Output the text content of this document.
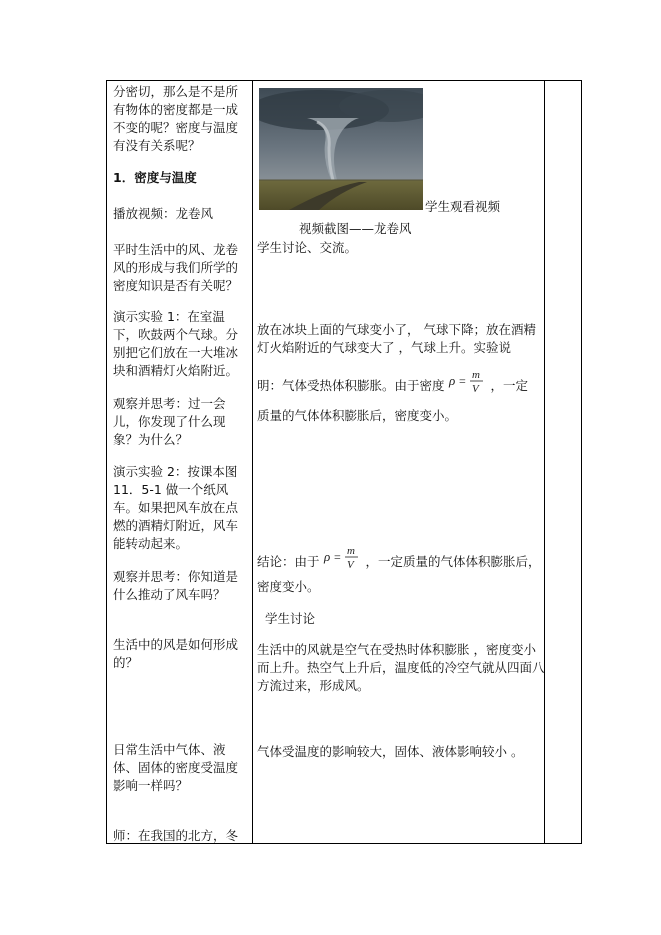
分密切，那么是不是所有物体的密度都是一成不变的呢？密度与温度有没有关系呢？

1．密度与温度

播放视频：龙卷风

平时生活中的风、龙卷风的形成与我们所学的密度知识是否有关呢？

演示实验 1：在室温下，吹鼓两个气球。分别把它们放在一大堆冰块和酒精灯火焰附近。

观察并思考：过一会儿，你发现了什么现象？为什么？

演示实验 2：按课本图 11．5-1 做一个纸风车。如果把风车放在点燃的酒精灯附近，风车能转动起来。

观察并思考：你知道是什么推动了风车吗？

生活中的风是如何形成的？

日常生活中气体、液体、固体的密度受温度影响一样吗？

师：在我国的北方，冬

学生观看视频

视频截图——龙卷风

学生讨论、交流。

放在冰块上面的气球变小了， 气球下降；放在酒精灯火焰附近的气球变大了 ，气球上升。实验说

明：气体受热体积膨胀。由于密度 ρ = m
V ，一定

质量的气体体积膨胀后，密度变小。

结论：由于 ρ = m
V ，一定质量的气体体积膨胀后，

密度变小。

学生讨论

生活中的风就是空气在受热时体积膨胀 ，密度变小而上升。热空气上升后，温度低的冷空气就从四面八方流过来，形成风。

气体受温度的影响较大，固体、液体影响较小 。
